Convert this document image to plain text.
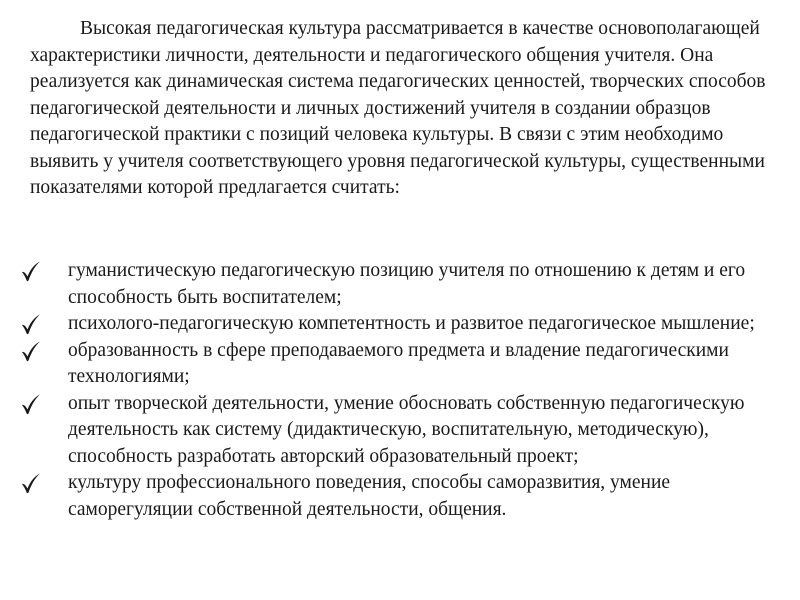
Высокая педагогическая культура рассматривается в качестве основополагающей характеристики личности, деятельности и педагогического общения учителя. Она реализуется как динамическая система педагогических ценностей, творческих способов педагогической деятельности и личных достижений учителя в создании образцов педагогической практики с позиций человека культуры. В связи с этим необходимо выявить у учителя соответствующего уровня педагогической культуры, существенными показателями которой предлагается считать:

гуманистическую педагогическую позицию учителя по отношению к детям и его способность быть воспитателем;
психолого-педагогическую компетентность и развитое педагогическое мышление;
образованность в сфере преподаваемого предмета и владение педагогическими технологиями;
опыт творческой деятельности, умение обосновать собственную педагогическую деятельность как систему (дидактическую, воспитательную, методическую), способность разработать авторский образовательный проект;
культуру профессионального поведения, способы саморазвития, умение саморегуляции собственной деятельности, общения.
